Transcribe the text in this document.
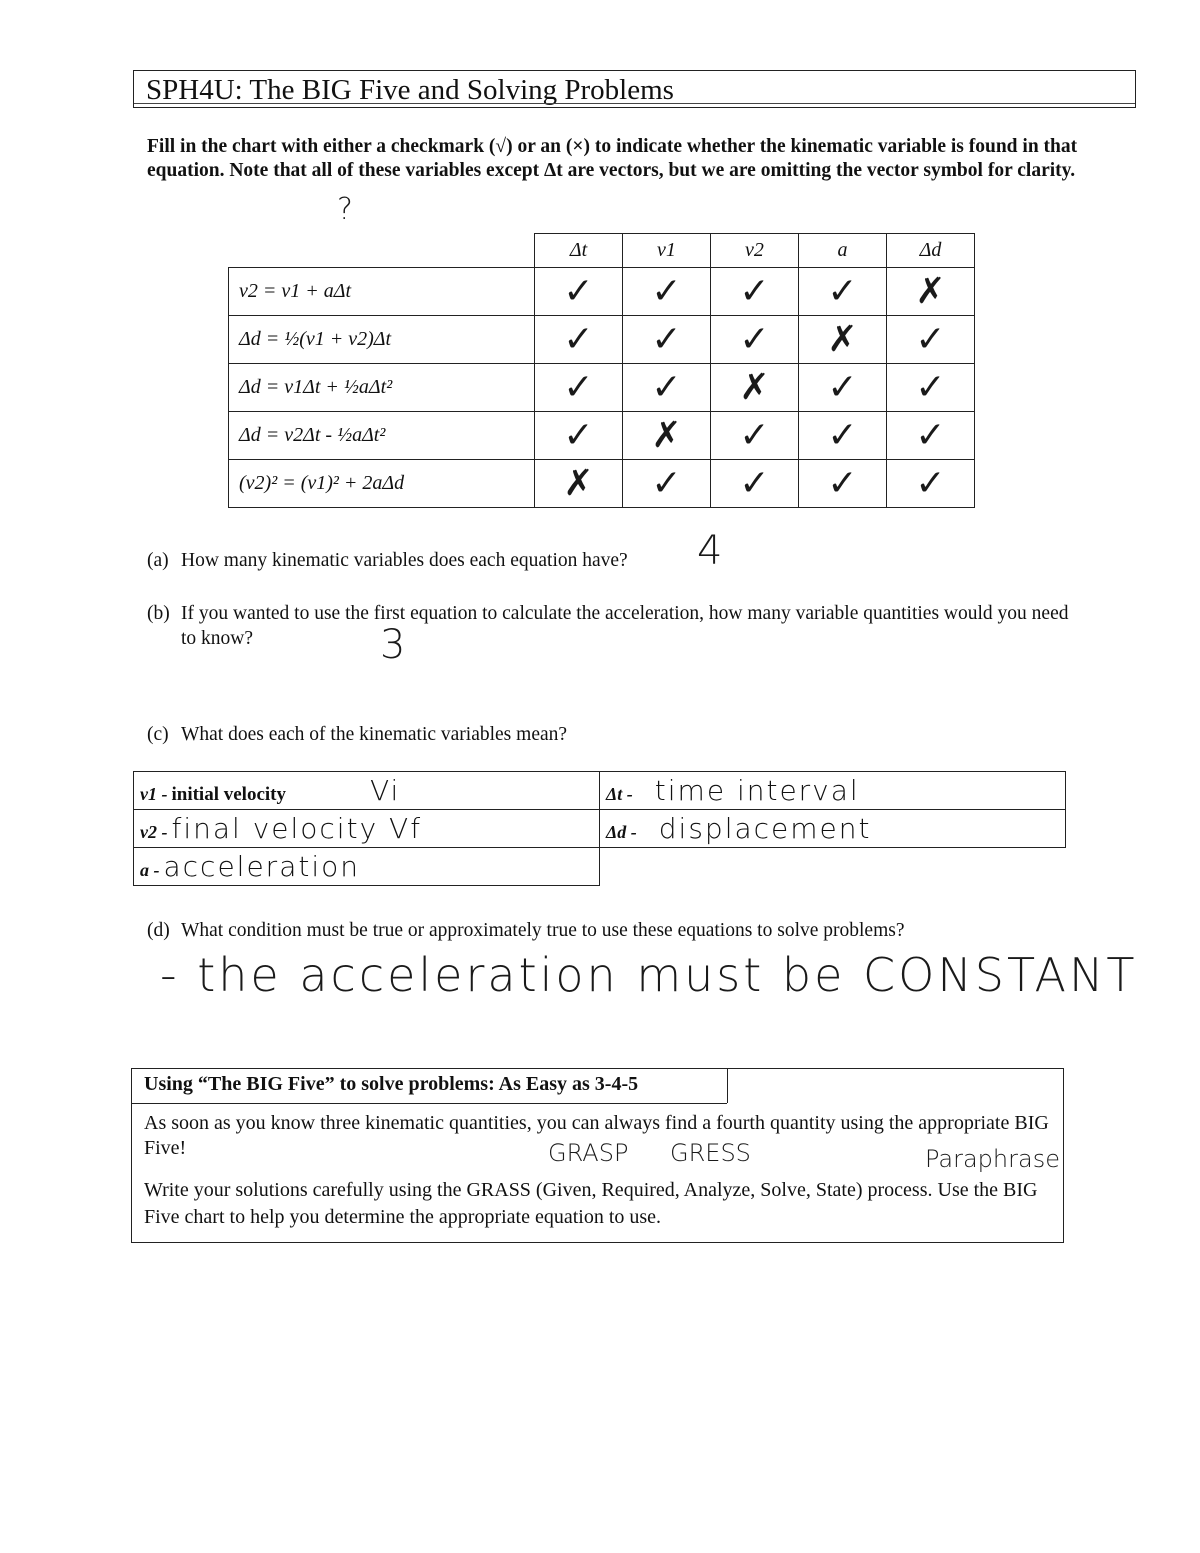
SPH4U: The BIG Five and Solving Problems
Fill in the chart with either a checkmark (√) or an (×) to indicate whether the kinematic variable is found in that equation. Note that all of these variables except Δt are vectors, but we are omitting the vector symbol for clarity.
?
	Δt	v1	v2	a	Δd
v2 = v1 + aΔt	✓	✓	✓	✓	✗
Δd = ½(v1 + v2)Δt	✓	✓	✓	✗	✓
Δd = v1Δt + ½aΔt²	✓	✓	✗	✓	✓
Δd = v2Δt - ½aΔt²	✓	✗	✓	✓	✓
(v2)² = (v1)² + 2aΔd	✗	✓	✓	✓	✓
(a) How many kinematic variables does each equation have? 4
(b) If you wanted to use the first equation to calculate the acceleration, how many variable quantities would you need to know?	3
(c) What does each of the kinematic variables mean?
v1 - initial velocity Vi	Δt - time interval
v2 - final velocity Vf	Δd - displacement
a - acceleration	
(d) What condition must be true or approximately true to use these equations to solve problems?
- the acceleration must be CONSTANT
Using “The BIG Five” to solve problems: As Easy as 3-4-5
As soon as you know three kinematic quantities, you can always find a fourth quantity using the appropriate BIG Five!	GRASP GRESS	Paraphrase
Write your solutions carefully using the GRASS (Given, Required, Analyze, Solve, State) process. Use the BIG Five chart to help you determine the appropriate equation to use.
